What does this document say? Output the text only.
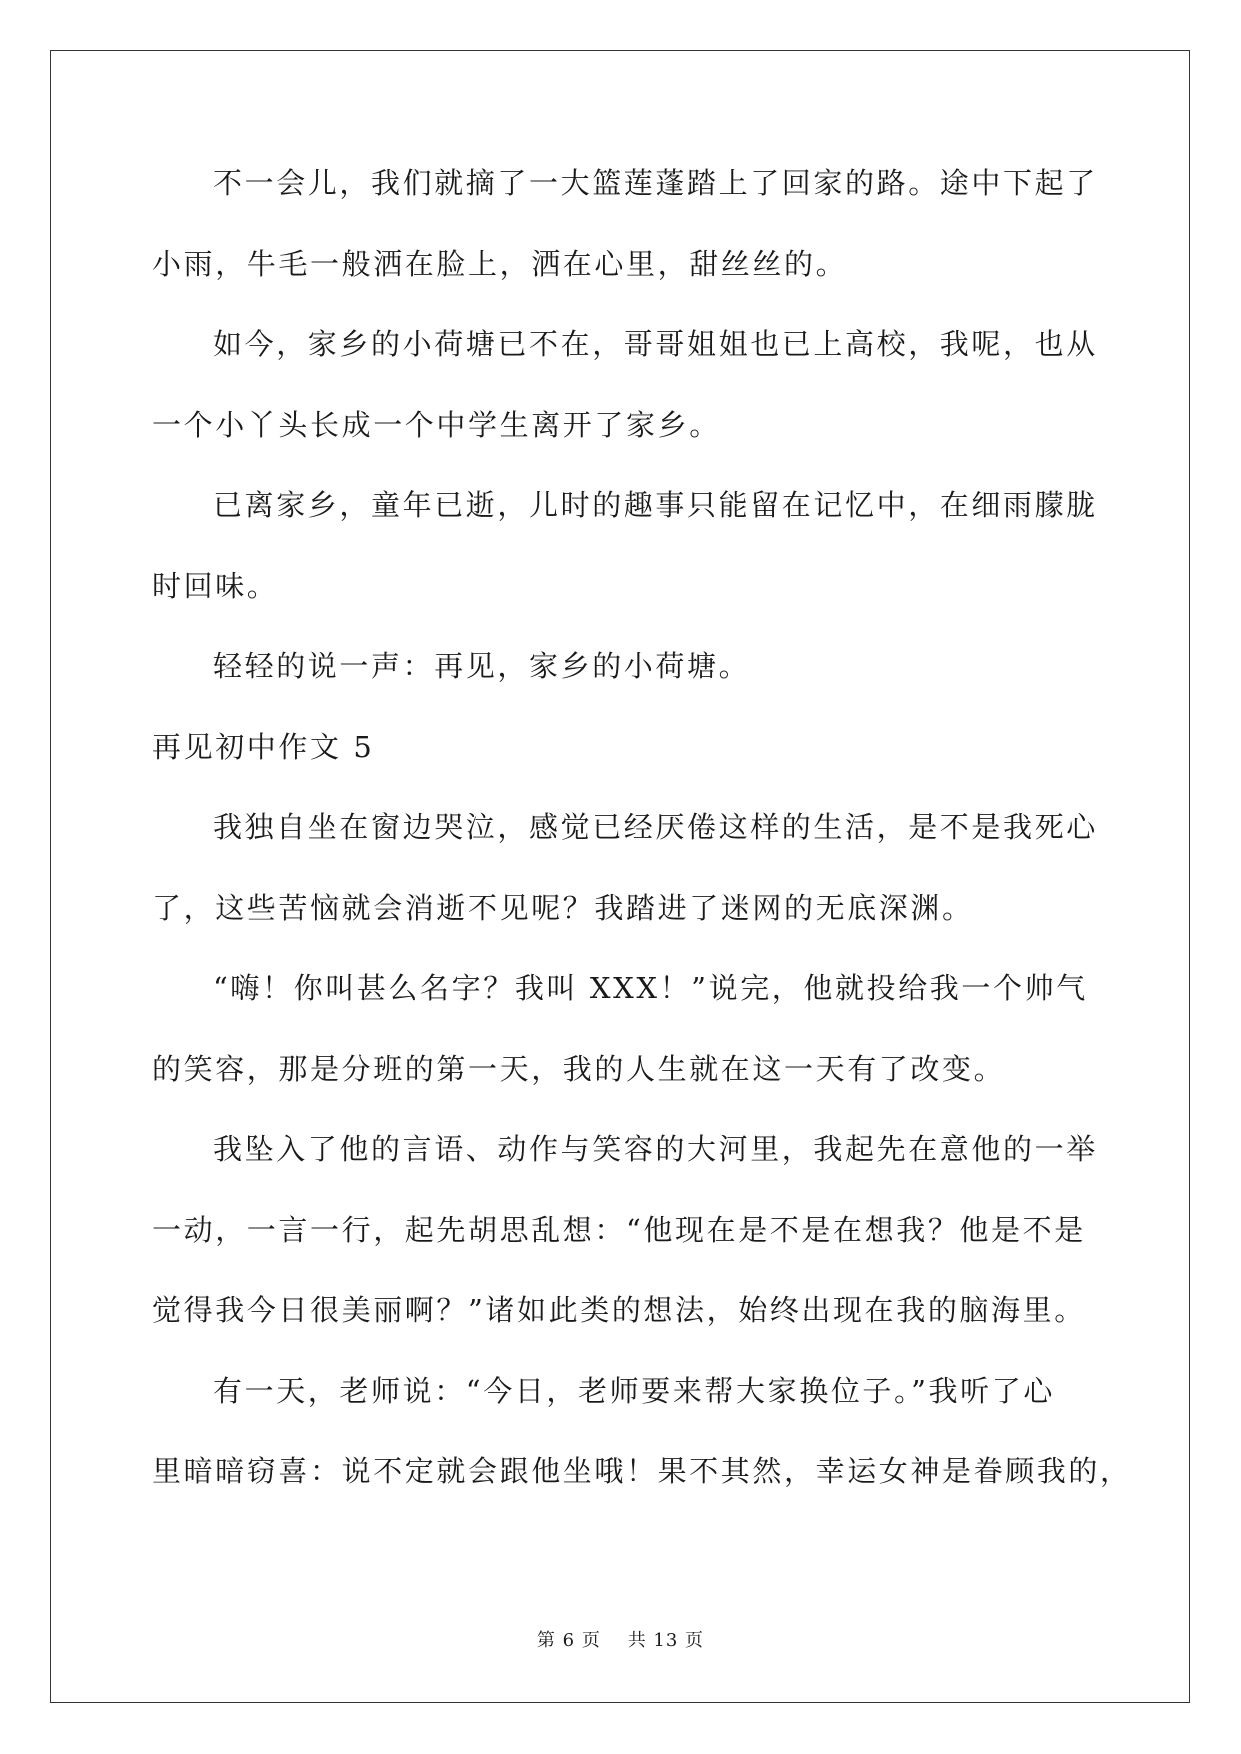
不一会儿，我们就摘了一大篮莲蓬踏上了回家的路。途中下起了

小雨，牛毛一般洒在脸上，洒在心里，甜丝丝的。

如今，家乡的小荷塘已不在，哥哥姐姐也已上高校，我呢，也从

一个小丫头长成一个中学生离开了家乡。

已离家乡，童年已逝，儿时的趣事只能留在记忆中，在细雨朦胧

时回味。

轻轻的说一声：再见，家乡的小荷塘。

再见初中作文 5

我独自坐在窗边哭泣，感觉已经厌倦这样的生活，是不是我死心

了，这些苦恼就会消逝不见呢？我踏进了迷网的无底深渊。

“嗨！你叫甚么名字？我叫 XXX！”说完，他就投给我一个帅气

的笑容，那是分班的第一天，我的人生就在这一天有了改变。

我坠入了他的言语、动作与笑容的大河里，我起先在意他的一举

一动，一言一行，起先胡思乱想：“他现在是不是在想我？他是不是

觉得我今日很美丽啊？”诸如此类的想法，始终出现在我的脑海里。

有一天，老师说：“今日，老师要来帮大家换位子。”我听了心

里暗暗窃喜：说不定就会跟他坐哦！果不其然，幸运女神是眷顾我的，

第 6 页    共 13 页
